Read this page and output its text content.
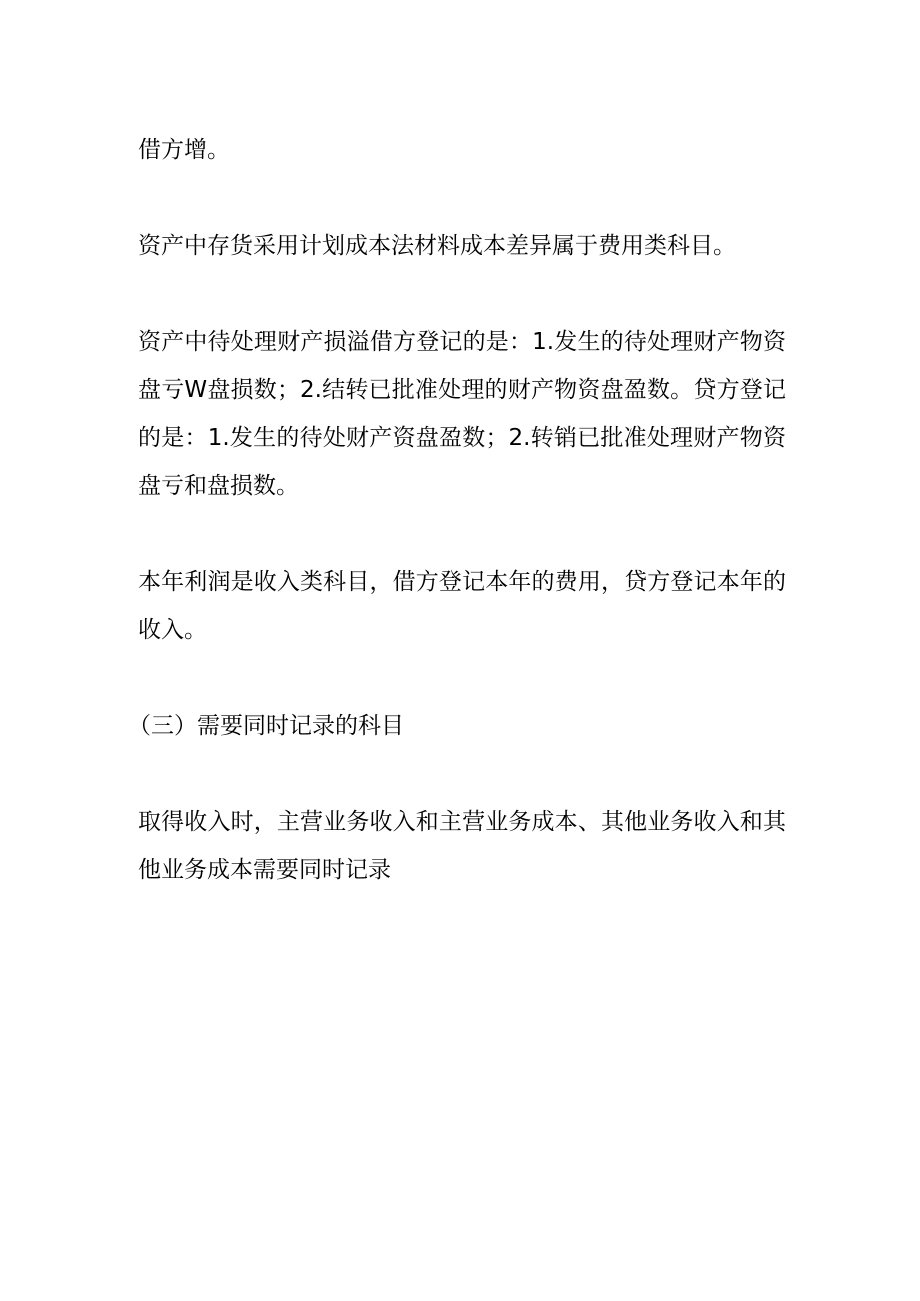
借方增。

资产中存货采用计划成本法材料成本差异属于费用类科目。

资产中待处理财产损溢借方登记的是：1.发生的待处理财产物资盘亏W盘损数；2.结转已批准处理的财产物资盘盈数。贷方登记的是：1.发生的待处财产资盘盈数；2.转销已批准处理财产物资盘亏和盘损数。

本年利润是收入类科目，借方登记本年的费用，贷方登记本年的收入。

（三）需要同时记录的科目

取得收入时，主营业务收入和主营业务成本、其他业务收入和其他业务成本需要同时记录
